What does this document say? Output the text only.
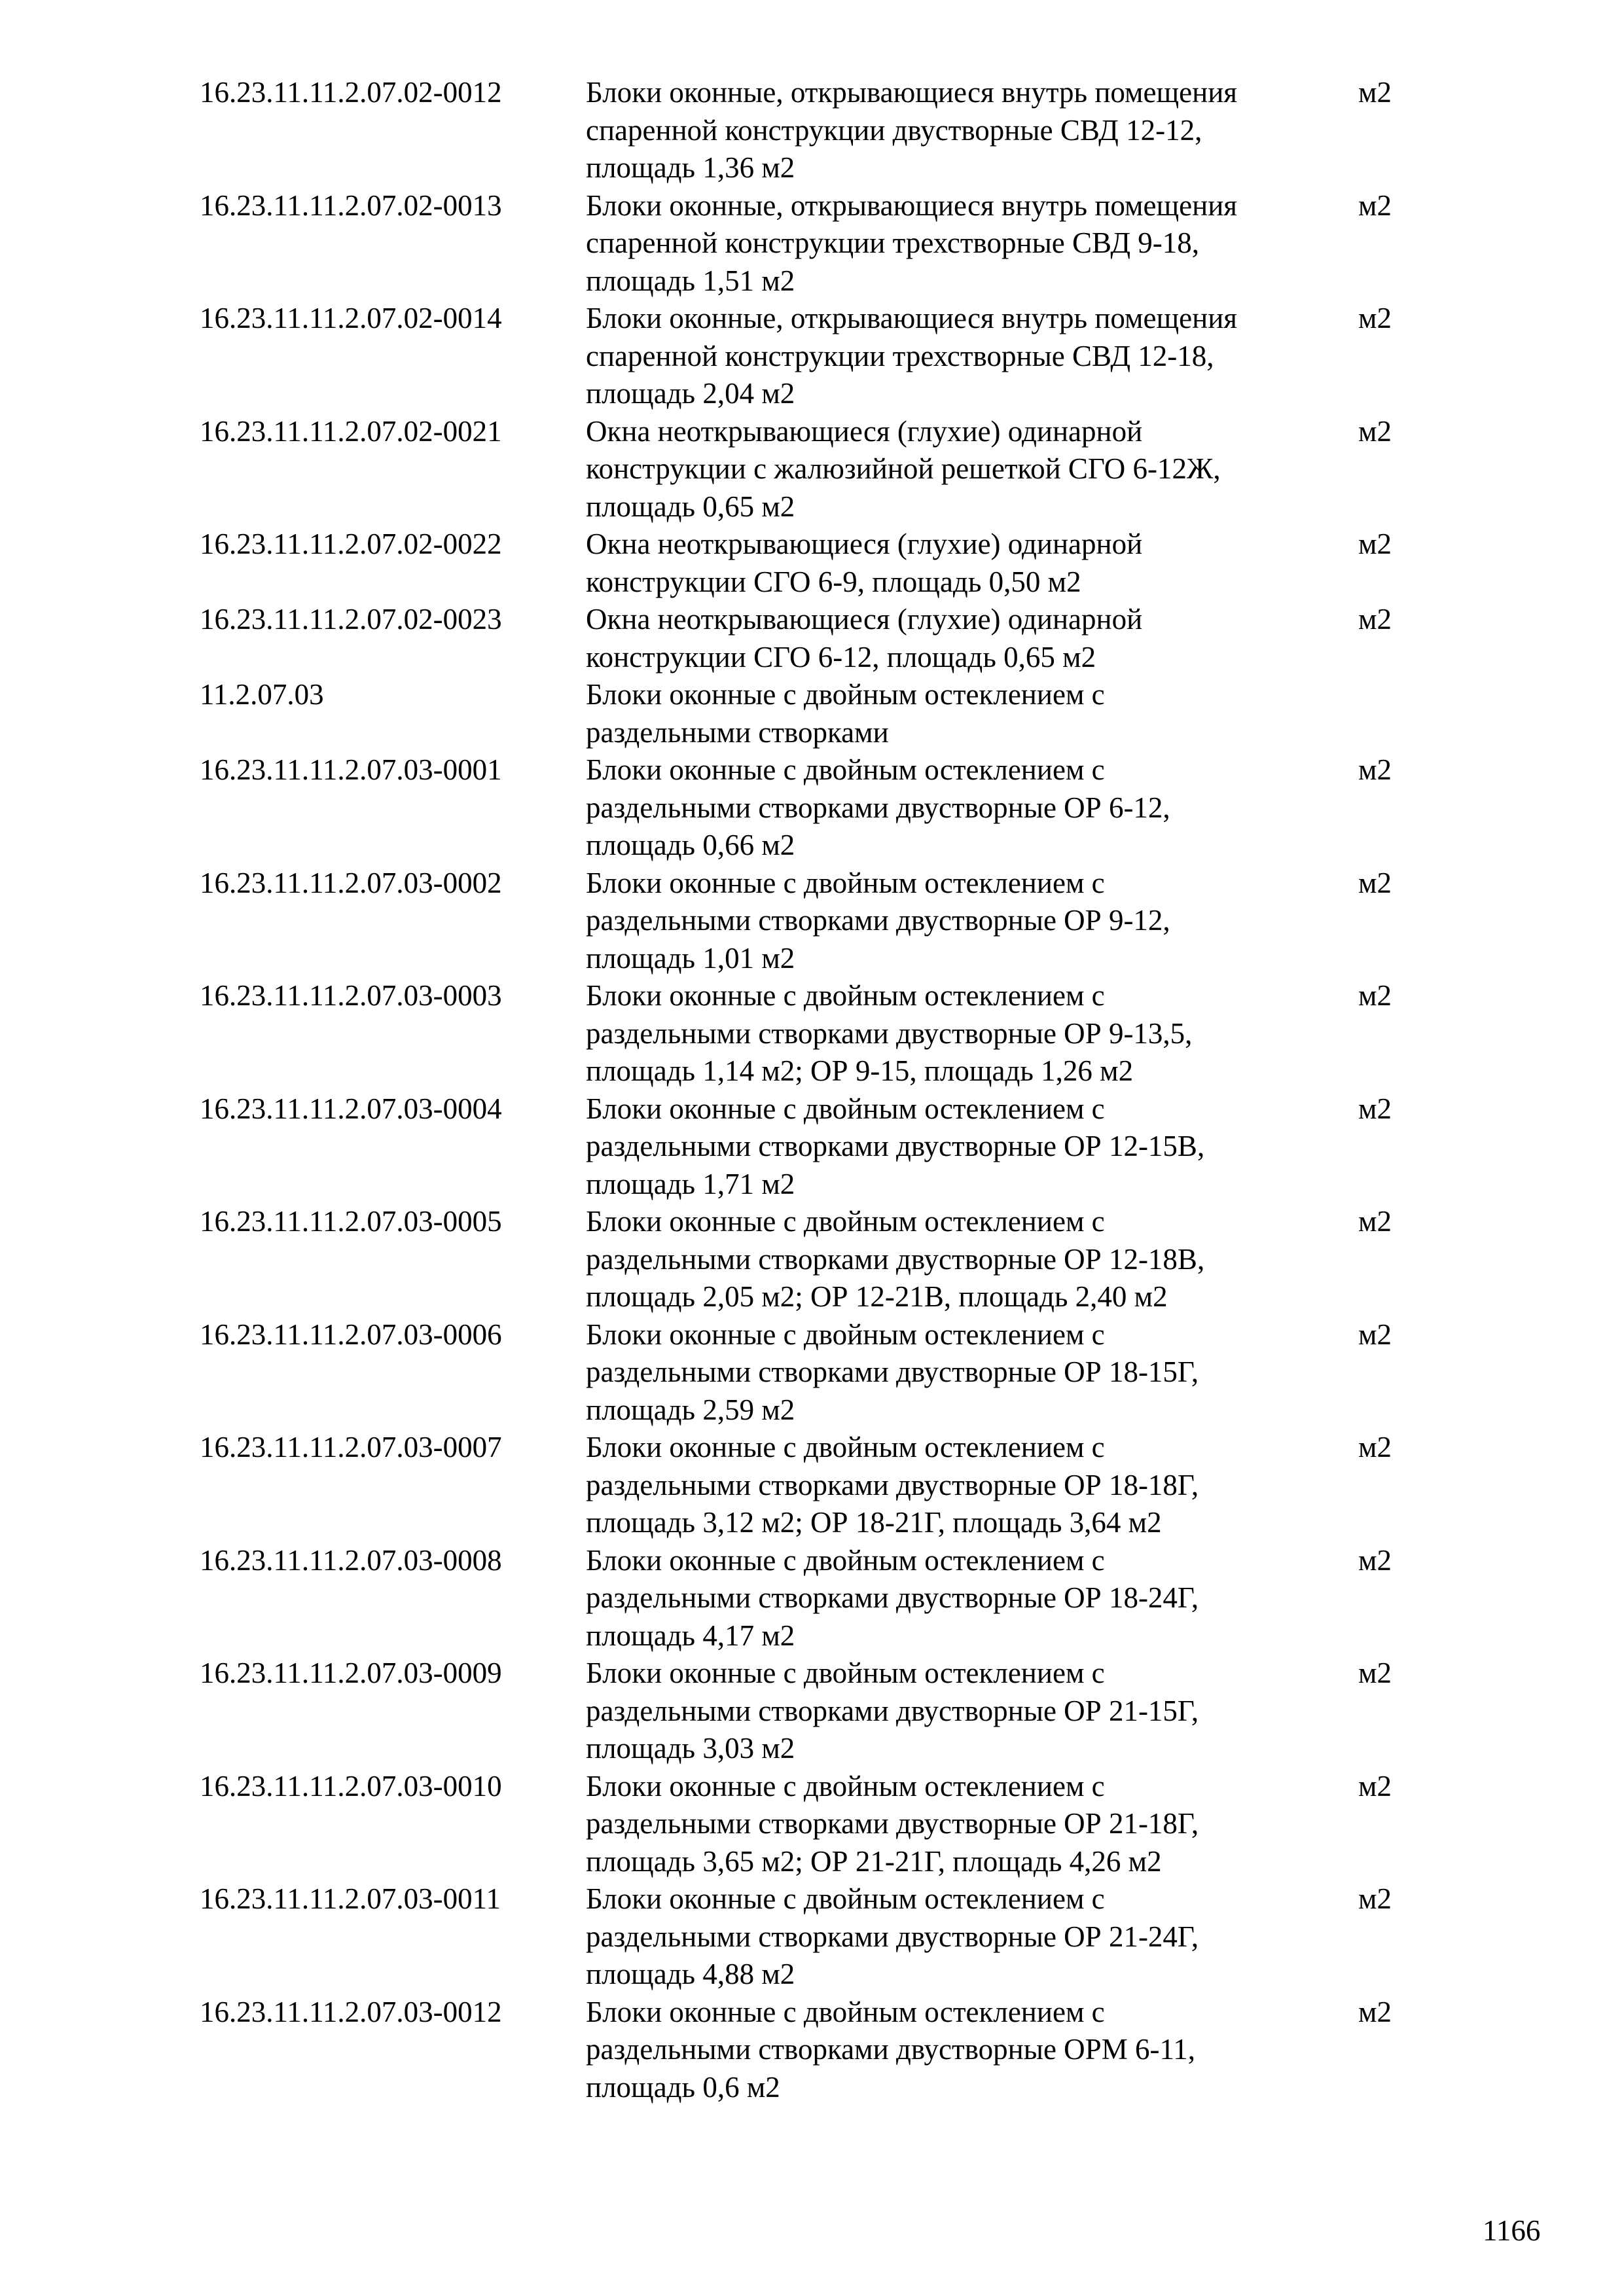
16.23.11.11.2.07.02-0012	Блоки оконные, открывающиеся внутрь помещения
спаренной конструкции двустворные СВД 12-12,
площадь 1,36 м2
м2
16.23.11.11.2.07.02-0013	Блоки оконные, открывающиеся внутрь помещения
спаренной конструкции трехстворные СВД 9-18,
площадь 1,51 м2
м2
16.23.11.11.2.07.02-0014	Блоки оконные, открывающиеся внутрь помещения
спаренной конструкции трехстворные СВД 12-18,
площадь 2,04 м2
м2
16.23.11.11.2.07.02-0021	Окна неоткрывающиеся (глухие) одинарной
конструкции с жалюзийной решеткой СГО 6-12Ж,
площадь 0,65 м2
м2
16.23.11.11.2.07.02-0022	Окна неоткрывающиеся (глухие) одинарной
конструкции СГО 6-9, площадь 0,50 м2
м2
16.23.11.11.2.07.02-0023	Окна неоткрывающиеся (глухие) одинарной
конструкции СГО 6-12, площадь 0,65 м2
м2
11.2.07.03	Блоки оконные с двойным остеклением с
раздельными створками
16.23.11.11.2.07.03-0001	Блоки оконные с двойным остеклением с
раздельными створками двустворные ОР 6-12,
площадь 0,66 м2
м2
16.23.11.11.2.07.03-0002	Блоки оконные с двойным остеклением с
раздельными створками двустворные ОР 9-12,
площадь 1,01 м2
м2
16.23.11.11.2.07.03-0003	Блоки оконные с двойным остеклением с
раздельными створками двустворные ОР 9-13,5,
площадь 1,14 м2; ОР 9-15, площадь 1,26 м2
м2
16.23.11.11.2.07.03-0004	Блоки оконные с двойным остеклением с
раздельными створками двустворные ОР 12-15В,
площадь 1,71 м2
м2
16.23.11.11.2.07.03-0005	Блоки оконные с двойным остеклением с
раздельными створками двустворные ОР 12-18В,
площадь 2,05 м2; ОР 12-21В, площадь 2,40 м2
м2
16.23.11.11.2.07.03-0006	Блоки оконные с двойным остеклением с
раздельными створками двустворные ОР 18-15Г,
площадь 2,59 м2
м2
16.23.11.11.2.07.03-0007	Блоки оконные с двойным остеклением с
раздельными створками двустворные ОР 18-18Г,
площадь 3,12 м2; ОР 18-21Г, площадь 3,64 м2
м2
16.23.11.11.2.07.03-0008	Блоки оконные с двойным остеклением с
раздельными створками двустворные ОР 18-24Г,
площадь 4,17 м2
м2
16.23.11.11.2.07.03-0009	Блоки оконные с двойным остеклением с
раздельными створками двустворные ОР 21-15Г,
площадь 3,03 м2
м2
16.23.11.11.2.07.03-0010	Блоки оконные с двойным остеклением с
раздельными створками двустворные ОР 21-18Г,
площадь 3,65 м2; ОР 21-21Г, площадь 4,26 м2
м2
16.23.11.11.2.07.03-0011	Блоки оконные с двойным остеклением с
раздельными створками двустворные ОР 21-24Г,
площадь 4,88 м2
м2
16.23.11.11.2.07.03-0012	Блоки оконные с двойным остеклением с
раздельными створками двустворные ОРМ 6-11,
площадь 0,6 м2
м2
1166
